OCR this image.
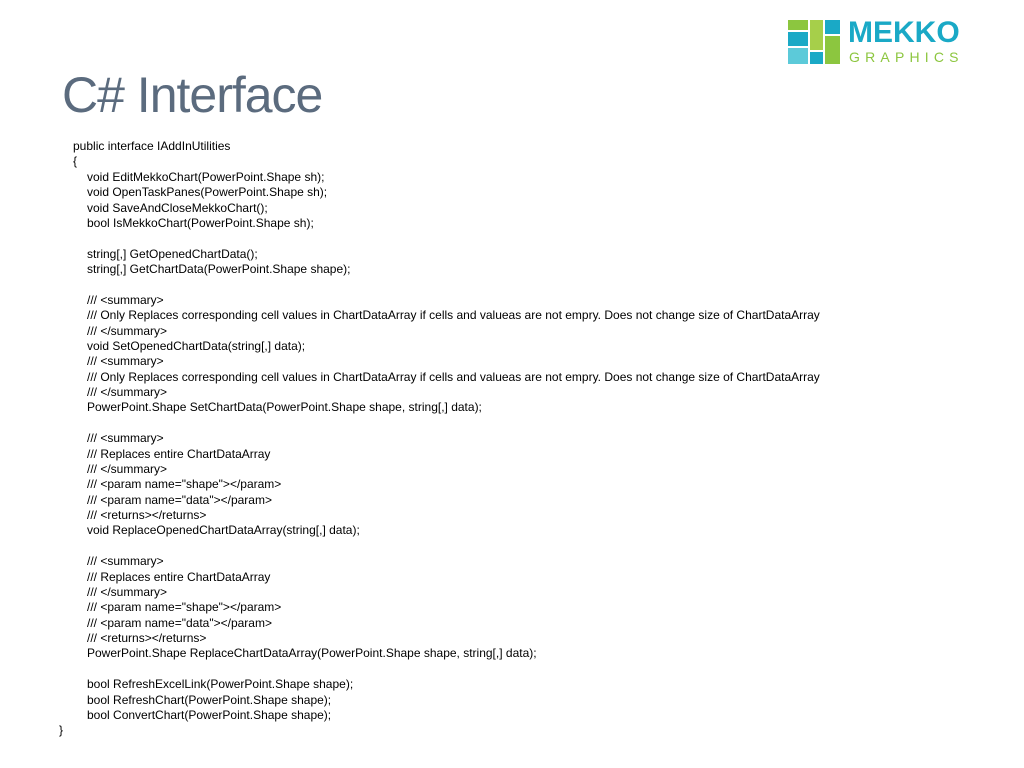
MEKKO
GRAPHICS
C# Interface
public interface IAddInUtilities
{
void EditMekkoChart(PowerPoint.Shape sh);
void OpenTaskPanes(PowerPoint.Shape sh);
void SaveAndCloseMekkoChart();
bool IsMekkoChart(PowerPoint.Shape sh);
string[,] GetOpenedChartData();
string[,] GetChartData(PowerPoint.Shape shape);
/// <summary>
/// Only Replaces corresponding cell values in ChartDataArray if cells and valueas are not empry. Does not change size of ChartDataArray
/// </summary>
void SetOpenedChartData(string[,] data);
/// <summary>
/// Only Replaces corresponding cell values in ChartDataArray if cells and valueas are not empry. Does not change size of ChartDataArray
/// </summary>
PowerPoint.Shape SetChartData(PowerPoint.Shape shape, string[,] data);
/// <summary>
/// Replaces entire ChartDataArray
/// </summary>
/// <param name="shape"></param>
/// <param name="data"></param>
/// <returns></returns>
void ReplaceOpenedChartDataArray(string[,] data);
/// <summary>
/// Replaces entire ChartDataArray
/// </summary>
/// <param name="shape"></param>
/// <param name="data"></param>
/// <returns></returns>
PowerPoint.Shape ReplaceChartDataArray(PowerPoint.Shape shape, string[,] data);
bool RefreshExcelLink(PowerPoint.Shape shape);
bool RefreshChart(PowerPoint.Shape shape);
bool ConvertChart(PowerPoint.Shape shape);
}
